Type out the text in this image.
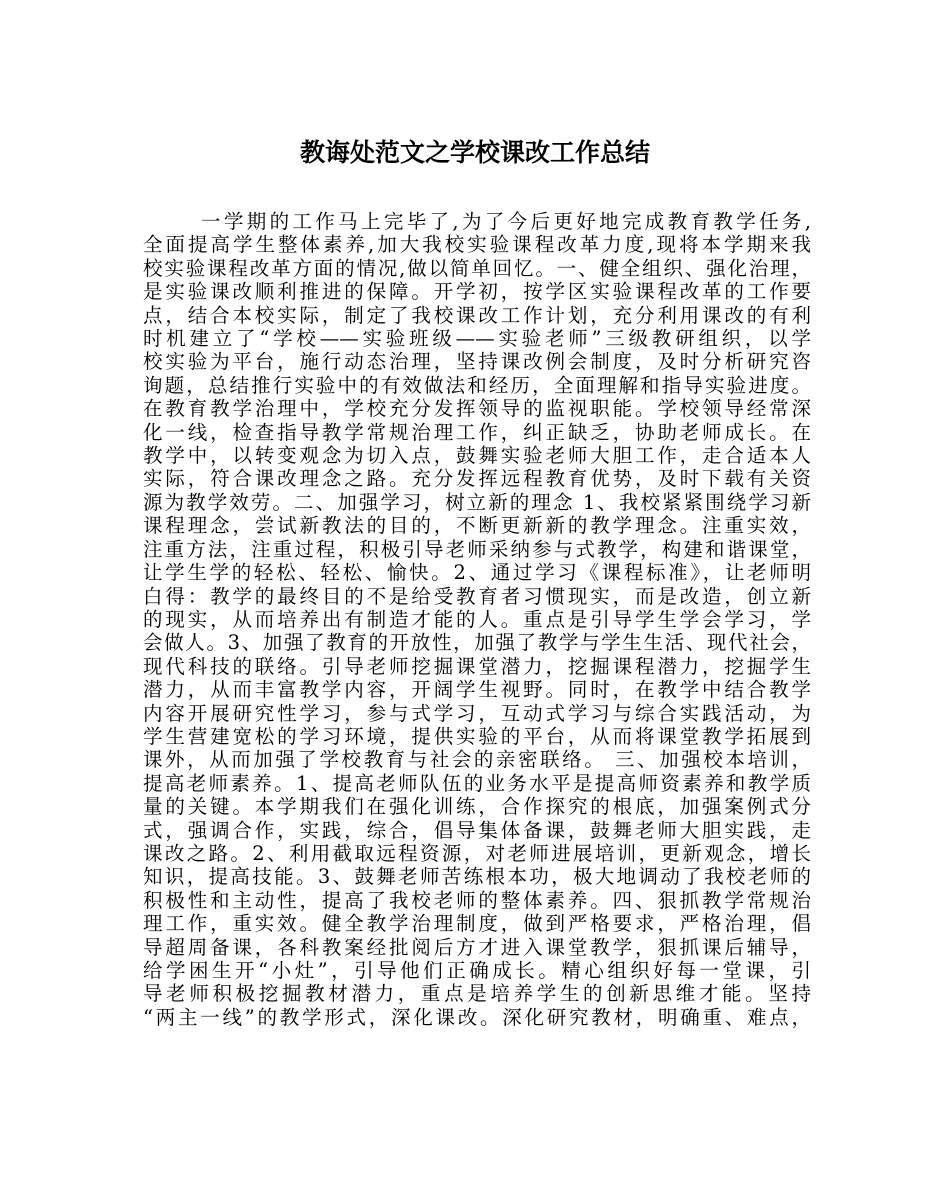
教诲处范文之学校课改工作总结
一学期的工作马上完毕了,为了今后更好地完成教育教学任务,
全面提高学生整体素养,加大我校实验课程改革力度,现将本学期来我
校实验课程改革方面的情况,做以简单回忆。一、健全组织、强化治理，
是实验课改顺利推进的保障。开学初，按学区实验课程改革的工作要
点，结合本校实际，制定了我校课改工作计划，充分利用课改的有利
时机建立了“学校——实验班级——实验老师”三级教研组织，以学
校实验为平台，施行动态治理，坚持课改例会制度，及时分析研究咨
询题，总结推行实验中的有效做法和经历，全面理解和指导实验进度。
在教育教学治理中，学校充分发挥领导的监视职能。学校领导经常深
化一线，检查指导教学常规治理工作，纠正缺乏，协助老师成长。在
教学中，以转变观念为切入点，鼓舞实验老师大胆工作，走合适本人
实际，符合课改理念之路。充分发挥远程教育优势，及时下载有关资
源为教学效劳。二、加强学习，树立新的理念 1、我校紧紧围绕学习新
课程理念，尝试新教法的目的，不断更新新的教学理念。注重实效，
注重方法，注重过程，积极引导老师采纳参与式教学，构建和谐课堂，
让学生学的轻松、轻松、愉快。2、通过学习《课程标准》，让老师明
白得：教学的最终目的不是给受教育者习惯现实，而是改造，创立新
的现实，从而培养出有制造才能的人。重点是引导学生学会学习，学
会做人。3、加强了教育的开放性，加强了教学与学生生活、现代社会，
现代科技的联络。引导老师挖掘课堂潜力，挖掘课程潜力，挖掘学生
潜力，从而丰富教学内容，开阔学生视野。同时，在教学中结合教学
内容开展研究性学习，参与式学习，互动式学习与综合实践活动，为
学生营建宽松的学习环境，提供实验的平台，从而将课堂教学拓展到
课外，从而加强了学校教育与社会的亲密联络。 三、加强校本培训，
提高老师素养。1、提高老师队伍的业务水平是提高师资素养和教学质
量的关键。本学期我们在强化训练，合作探究的根底，加强案例式分
式，强调合作，实践，综合，倡导集体备课，鼓舞老师大胆实践，走
课改之路。2、利用截取远程资源，对老师进展培训，更新观念，增长
知识，提高技能。3、鼓舞老师苦练根本功，极大地调动了我校老师的
积极性和主动性，提高了我校老师的整体素养。四、狠抓教学常规治
理工作，重实效。健全教学治理制度，做到严格要求，严格治理，倡
导超周备课，各科教案经批阅后方才进入课堂教学，狠抓课后辅导，
给学困生开“小灶”，引导他们正确成长。精心组织好每一堂课，引
导老师积极挖掘教材潜力，重点是培养学生的创新思维才能。坚持
“两主一线”的教学形式，深化课改。深化研究教材，明确重、难点，
